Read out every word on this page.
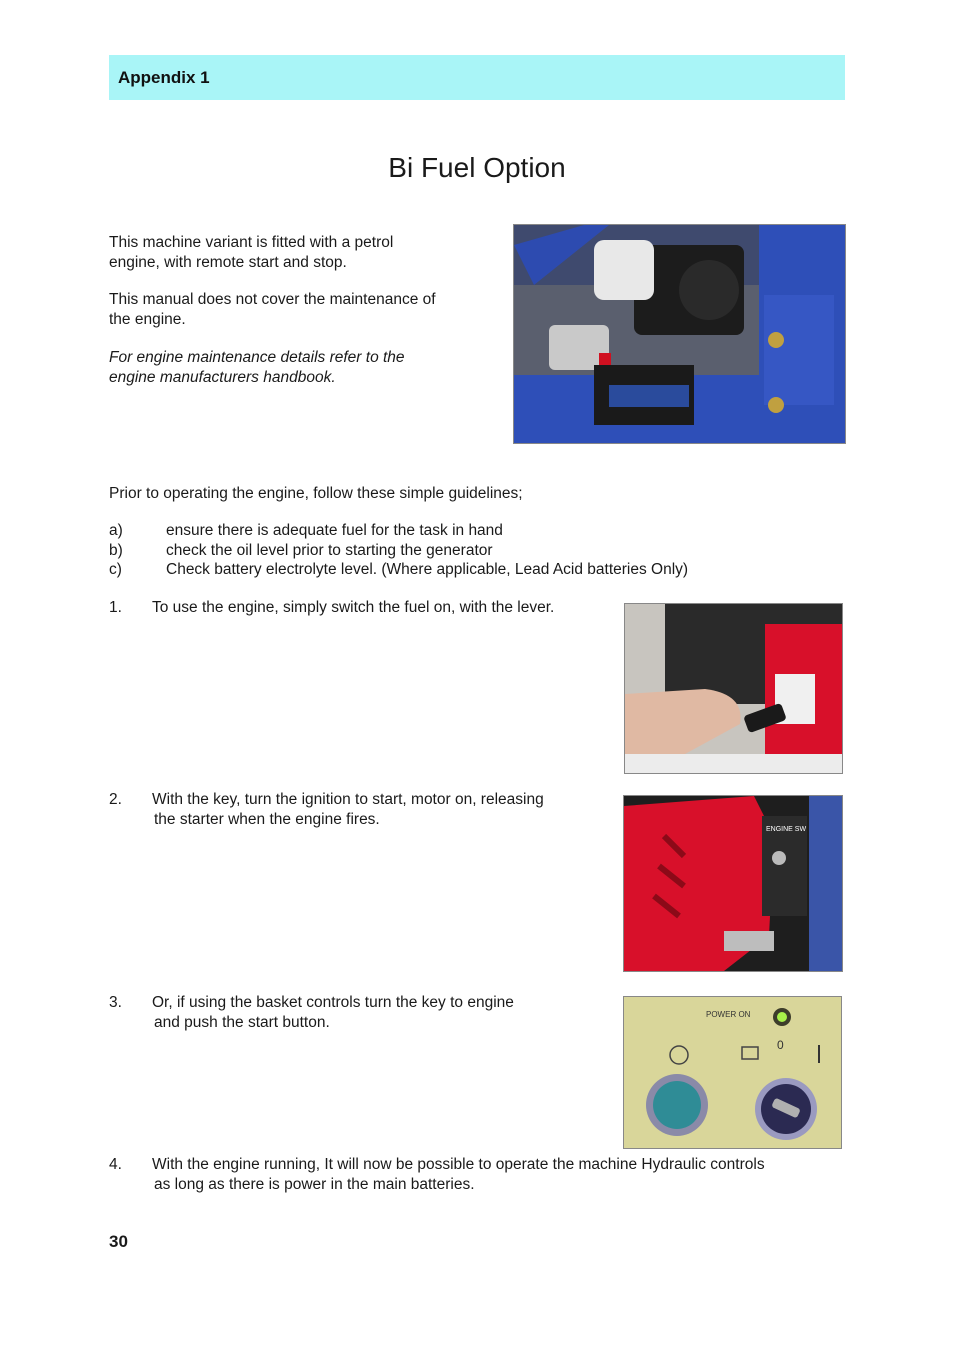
Appendix 1
Bi Fuel Option
This machine variant is fitted with a petrol
engine, with remote start and stop.
This manual does not cover the maintenance of
the engine.
For engine maintenance details refer to the
engine manufacturers handbook.
Prior to operating the engine, follow these simple guidelines;
a)	ensure there is adequate fuel for the task in hand
b)	check the oil level prior to starting the generator
c)	Check battery electrolyte level. (Where applicable, Lead Acid batteries Only)
1. To use the engine, simply switch the fuel on, with the lever.
2. With the key, turn the ignition to start, motor on, releasing
the starter when the engine fires.
ENGINE SW
3. Or, if using the basket controls turn the key to engine
and push the start button.	POWER ON
0
4. With the engine running, It will now be possible to operate the machine Hydraulic controls
as long as there is power in the main batteries.
30
